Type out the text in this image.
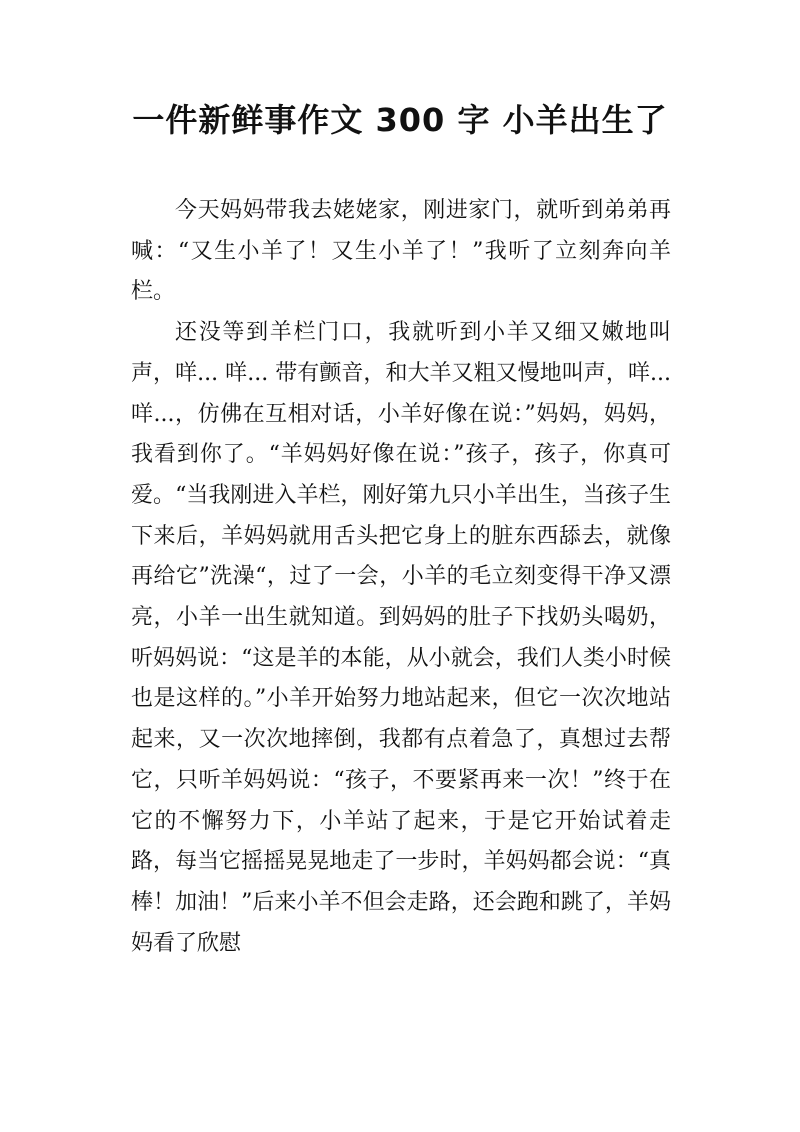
一件新鲜事作文 300 字 小羊出生了

今天妈妈带我去姥姥家，刚进家门，就听到弟弟再喊：“又生小羊了！又生小羊了！”我听了立刻奔向羊栏。

还没等到羊栏门口，我就听到小羊又细又嫩地叫声，咩... 咩... 带有颤音，和大羊又粗又慢地叫声，咩...咩...，仿佛在互相对话，小羊好像在说：”妈妈，妈妈，我看到你了。“羊妈妈好像在说：”孩子，孩子，你真可爱。“当我刚进入羊栏，刚好第九只小羊出生，当孩子生下来后，羊妈妈就用舌头把它身上的脏东西舔去，就像再给它”洗澡“，过了一会，小羊的毛立刻变得干净又漂亮，小羊一出生就知道。到妈妈的肚子下找奶头喝奶，听妈妈说：“这是羊的本能，从小就会，我们人类小时候也是这样的。”小羊开始努力地站起来，但它一次次地站起来，又一次次地摔倒，我都有点着急了，真想过去帮它，只听羊妈妈说：“孩子，不要紧再来一次！”终于在它的不懈努力下，小羊站了起来，于是它开始试着走路，每当它摇摇晃晃地走了一步时，羊妈妈都会说：“真棒！加油！”后来小羊不但会走路，还会跑和跳了，羊妈妈看了欣慰
